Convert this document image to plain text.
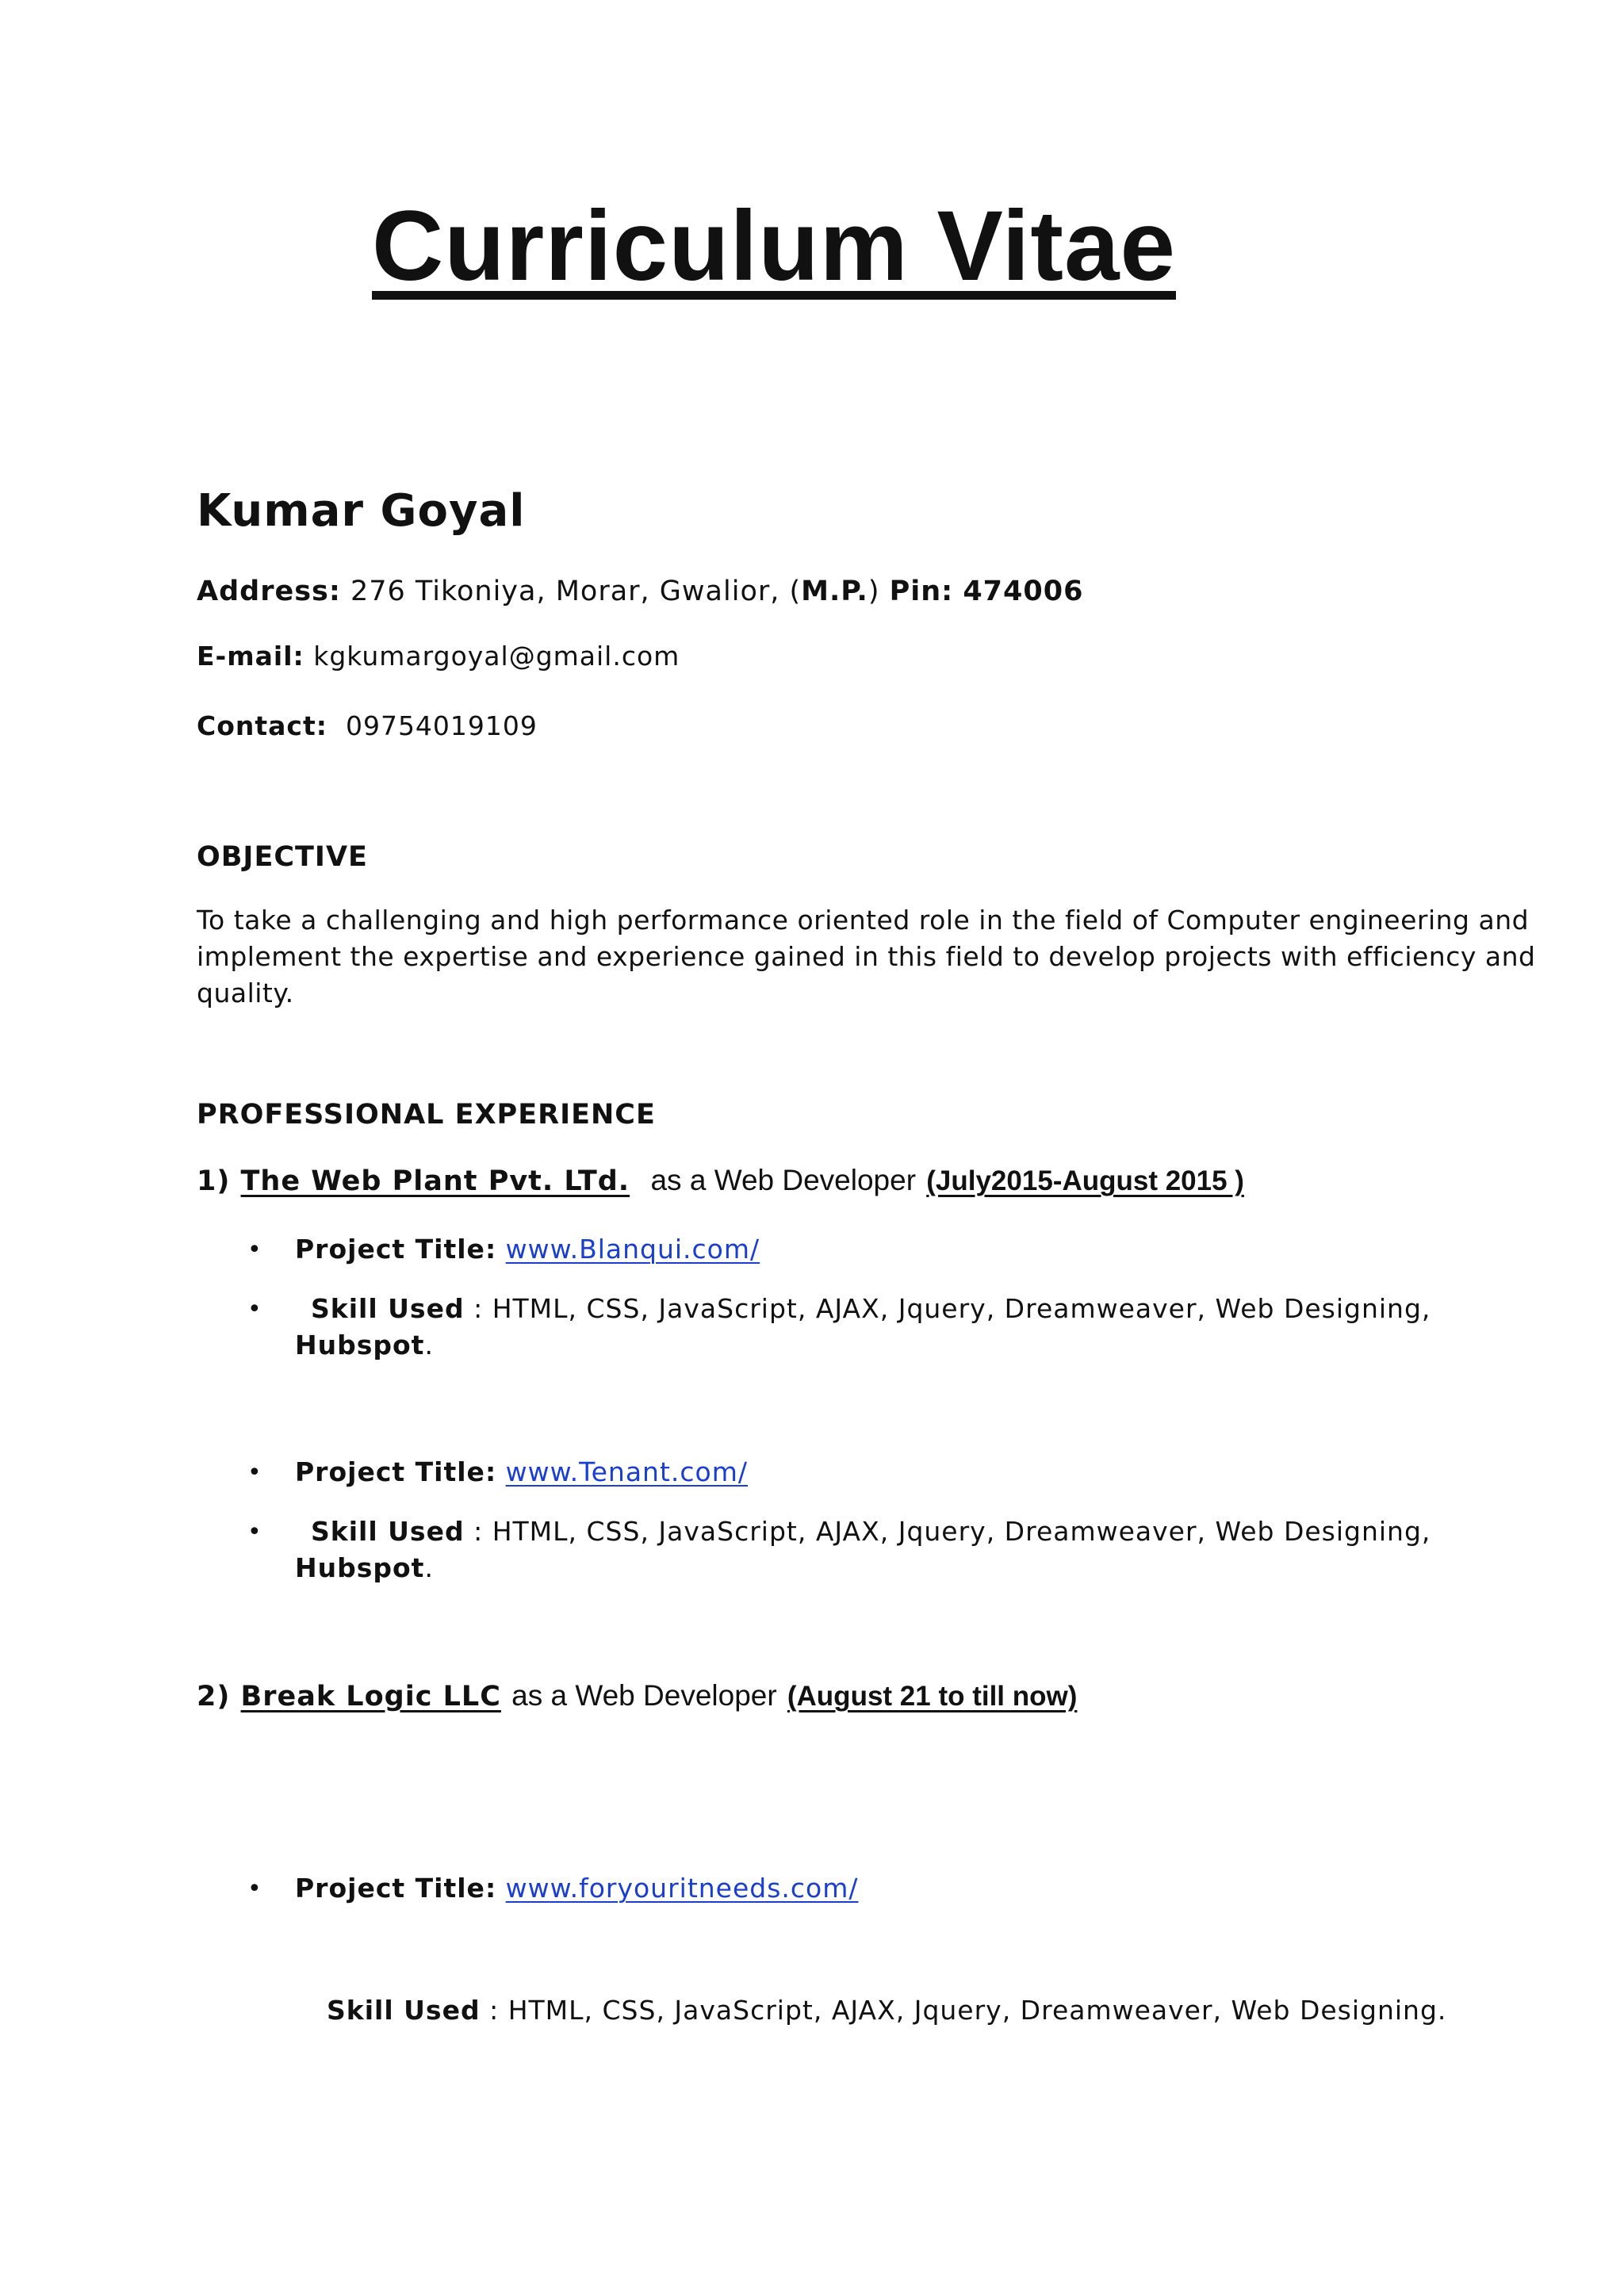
Curriculum Vitae
Kumar Goyal
Address: 276 Tikoniya, Morar, Gwalior, (M.P.) Pin: 474006
E-mail: kgkumargoyal@gmail.com
Contact: 09754019109
OBJECTIVE
To take a challenging and high performance oriented role in the field of Computer engineering and
implement the expertise and experience gained in this field to develop projects with efficiency and
quality.
PROFESSIONAL EXPERIENCE
1) The Web Plant Pvt. LTd. as a Web Developer (July2015-August 2015 )
• Project Title: www.Blanqui.com/
• Skill Used : HTML, CSS, JavaScript, AJAX, Jquery, Dreamweaver, Web Designing,
Hubspot.
• Project Title: www.Tenant.com/
• Skill Used : HTML, CSS, JavaScript, AJAX, Jquery, Dreamweaver, Web Designing,
Hubspot.
2) Break Logic LLC as a Web Developer (August 21 to till now)
• Project Title: www.foryouritneeds.com/
Skill Used : HTML, CSS, JavaScript, AJAX, Jquery, Dreamweaver, Web Designing.
